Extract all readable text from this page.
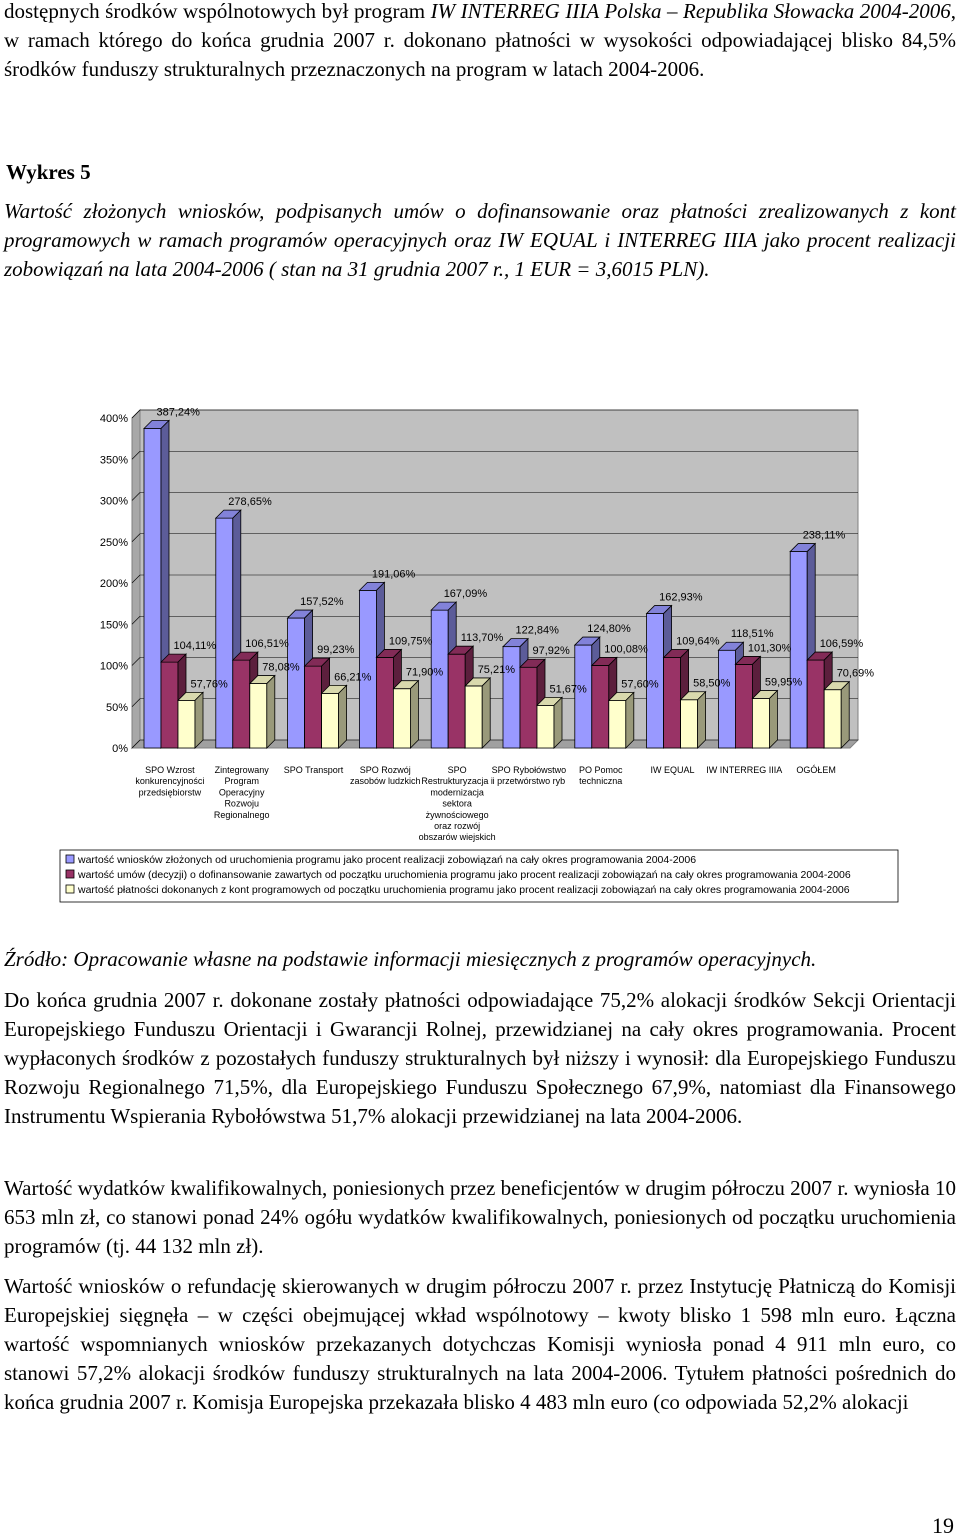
dostępnych środków wspólnotowych był program IW INTERREG IIIA Polska – Republika Słowacka 2004-2006, w ramach którego do końca grudnia 2007 r. dokonano płatności w wysokości odpowiadającej blisko 84,5% środków funduszy strukturalnych przeznaczonych na program w latach 2004-2006.

Wykres 5

Wartość złożonych wniosków, podpisanych umów o dofinansowanie oraz płatności zrealizowanych z kont programowych w ramach programów operacyjnych oraz IW EQUAL i INTERREG IIIA jako procent realizacji zobowiązań na lata 2004-2006 ( stan na 31 grudnia 2007 r., 1 EUR = 3,6015 PLN).

0%
50%
100%
150%
200%
250%
300%
350%
400%
387,24%
104,11%
57,76%
278,65%
106,51%
78,08%
157,52%
99,23%
66,21%
191,06%
109,75%
71,90%
167,09%
113,70%
75,21%
122,84%
97,92%
51,67%
124,80%
100,08%
57,60%
162,93%
109,64%
58,50%
118,51%
101,30%
59,95%
238,11%
106,59%
70,69%
SPO Wzrost konkurencyjności przedsiębiorstw
Zintegrowany Program Operacyjny Rozwoju Regionalnego
SPO Transport	SPO Rozwój zasobów ludzkich
SPO Restrukturyzacja i modernizacja sektora żywnościowego oraz rozwój obszarów wiejskich
SPO Rybołówstwo i przetwórstwo ryb
PO Pomoc techniczna
IW EQUAL IW INTERREG IIIA OGÓŁEM
wartość wniosków złożonych od uruchomienia programu jako procent realizacji zobowiązań na cały okres programowania 2004-2006
wartość umów (decyzji) o dofinansowanie zawartych od początku uruchomienia programu jako procent realizacji zobowiązań na cały okres programowania 2004-2006
wartość płatności dokonanych z kont programowych od początku uruchomienia programu jako procent realizacji zobowiązań na cały okres programowania 2004-2006

Źródło: Opracowanie własne na podstawie informacji miesięcznych z programów operacyjnych.

Do końca grudnia 2007 r. dokonane zostały płatności odpowiadające 75,2% alokacji środków Sekcji Orientacji Europejskiego Funduszu Orientacji i Gwarancji Rolnej, przewidzianej na cały okres programowania. Procent wypłaconych środków z pozostałych funduszy strukturalnych był niższy i wynosił: dla Europejskiego Funduszu Rozwoju Regionalnego 71,5%, dla Europejskiego Funduszu Społecznego 67,9%, natomiast dla Finansowego Instrumentu Wspierania Rybołówstwa 51,7% alokacji przewidzianej na lata 2004-2006.

Wartość wydatków kwalifikowalnych, poniesionych przez beneficjentów w drugim półroczu 2007 r. wyniosła 10 653 mln zł, co stanowi ponad 24% ogółu wydatków kwalifikowalnych, poniesionych od początku uruchomienia programów (tj. 44 132 mln zł).

Wartość wniosków o refundację skierowanych w drugim półroczu 2007 r. przez Instytucję Płatniczą do Komisji Europejskiej sięgnęła – w części obejmującej wkład wspólnotowy – kwoty blisko 1 598 mln euro. Łączna wartość wspomnianych wniosków przekazanych dotychczas Komisji wyniosła ponad 4 911 mln euro, co stanowi 57,2% alokacji środków funduszy strukturalnych na lata 2004-2006. Tytułem płatności pośrednich do końca grudnia 2007 r. Komisja Europejska przekazała blisko 4 483 mln euro (co odpowiada 52,2% alokacji

19
